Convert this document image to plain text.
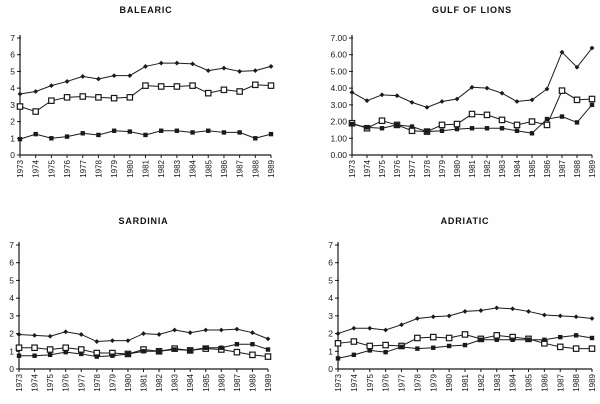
BALEARIC
0
1
2
3
4
5
6
7
1973 1974 1975 1976 1977 1978 1979 1980 1981 1982 1983 1984 1985 1986 1987 1988 1989
GULF OF LIONS
0.00
1.00
2.00
3.00
4.00
5.00
6.00
7.00
1973 1974 1975 1976 1977 1978 1979 1980 1981 1982 1983 1984 1985 1986 1987 1988 1989
SARDINIA
0
1
2
3
4
5
6
7
1973 1974 1975 1976 1977 1978 1979 1980 1981 1982 1983 1984 1985 1986 1987 1988 1989
ADRIATIC
0
1
2
3
4
5
6
7
1973 1974 1975 1976 1977 1978 1979 1980 1981 1982 1983 1984 1985 1986 1987 1988 1989
